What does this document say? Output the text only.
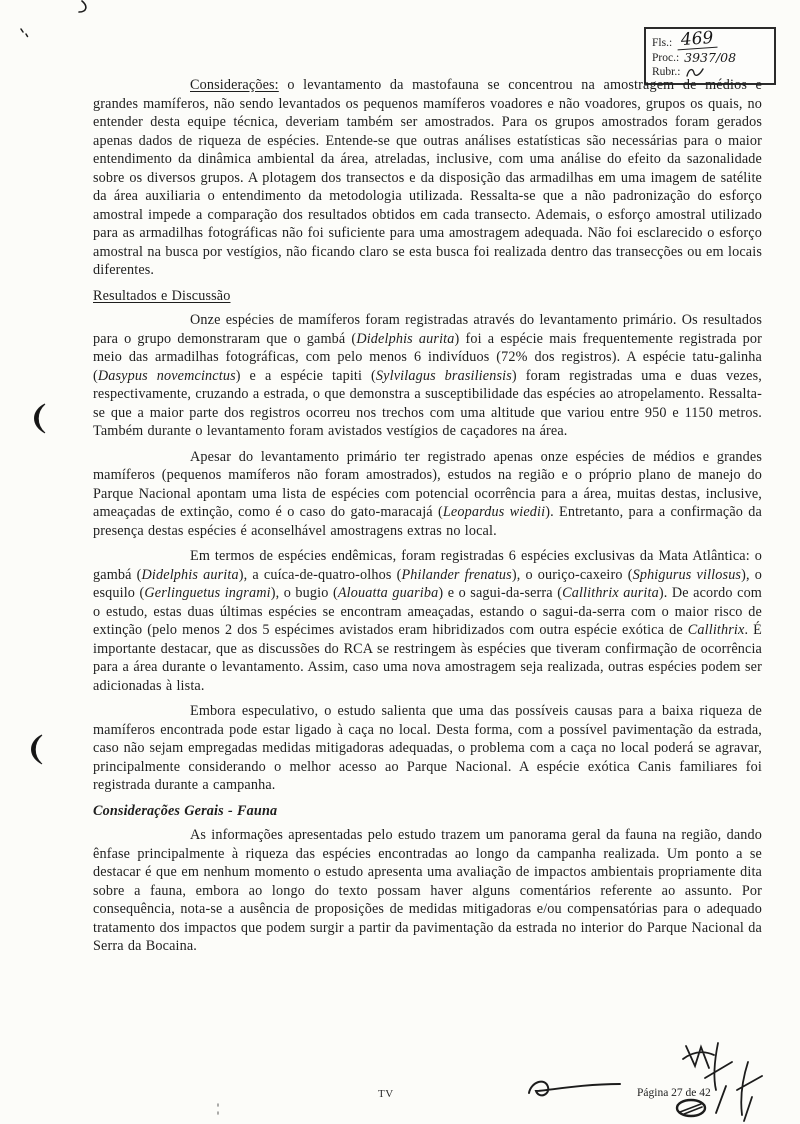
Fls.: 469
Proc.: 3937/08
Rubr.:

Considerações: o levantamento da mastofauna se concentrou na amostragem de médios e grandes mamíferos, não sendo levantados os pequenos mamíferos voadores e não voadores, grupos os quais, no entender desta equipe técnica, deveriam também ser amostrados. Para os grupos amostrados foram gerados apenas dados de riqueza de espécies. Entende-se que outras análises estatísticas são necessárias para o maior entendimento da dinâmica ambiental da área, atreladas, inclusive, com uma análise do efeito da sazonalidade sobre os diversos grupos. A plotagem dos transectos e da disposição das armadilhas em uma imagem de satélite da área auxiliaria o entendimento da metodologia utilizada. Ressalta-se que a não padronização do esforço amostral impede a comparação dos resultados obtidos em cada transecto. Ademais, o esforço amostral utilizado para as armadilhas fotográficas não foi suficiente para uma amostragem adequada. Não foi esclarecido o esforço amostral na busca por vestígios, não ficando claro se esta busca foi realizada dentro das transecções ou em locais diferentes.

Resultados e Discussão

Onze espécies de mamíferos foram registradas através do levantamento primário. Os resultados para o grupo demonstraram que o gambá (Didelphis aurita) foi a espécie mais frequentemente registrada por meio das armadilhas fotográficas, com pelo menos 6 indivíduos (72% dos registros). A espécie tatu-galinha (Dasypus novemcinctus) e a espécie tapiti (Sylvilagus brasiliensis) foram registradas uma e duas vezes, respectivamente, cruzando a estrada, o que demonstra a susceptibilidade das espécies ao atropelamento. Ressalta-se que a maior parte dos registros ocorreu nos trechos com uma altitude que variou entre 950 e 1150 metros. Também durante o levantamento foram avistados vestígios de caçadores na área.

Apesar do levantamento primário ter registrado apenas onze espécies de médios e grandes mamíferos (pequenos mamíferos não foram amostrados), estudos na região e o próprio plano de manejo do Parque Nacional apontam uma lista de espécies com potencial ocorrência para a área, muitas destas, inclusive, ameaçadas de extinção, como é o caso do gato-maracajá (Leopardus wiedii). Entretanto, para a confirmação da presença destas espécies é aconselhável amostragens extras no local.

Em termos de espécies endêmicas, foram registradas 6 espécies exclusivas da Mata Atlântica: o gambá (Didelphis aurita), a cuíca-de-quatro-olhos (Philander frenatus), o ouriço-caxeiro (Sphigurus villosus), o esquilo (Gerlinguetus ingrami), o bugio (Alouatta guariba) e o sagui-da-serra (Callithrix aurita). De acordo com o estudo, estas duas últimas espécies se encontram ameaçadas, estando o sagui-da-serra com o maior risco de extinção (pelo menos 2 dos 5 espécimes avistados eram hibridizados com outra espécie exótica de Callithrix. É importante destacar, que as discussões do RCA se restringem às espécies que tiveram confirmação de ocorrência para a área durante o levantamento. Assim, caso uma nova amostragem seja realizada, outras espécies podem ser adicionadas à lista.

Embora especulativo, o estudo salienta que uma das possíveis causas para a baixa riqueza de mamíferos encontrada pode estar ligado à caça no local. Desta forma, com a possível pavimentação da estrada, caso não sejam empregadas medidas mitigadoras adequadas, o problema com a caça no local poderá se agravar, principalmente considerando o melhor acesso ao Parque Nacional. A espécie exótica Canis familiares foi registrada durante a campanha.

Considerações Gerais - Fauna

As informações apresentadas pelo estudo trazem um panorama geral da fauna na região, dando ênfase principalmente à riqueza das espécies encontradas ao longo da campanha realizada. Um ponto a se destacar é que em nenhum momento o estudo apresenta uma avaliação de impactos ambientais propriamente dita sobre a fauna, embora ao longo do texto possam haver alguns comentários referente ao assunto. Por consequência, nota-se a ausência de proposições de medidas mitigadoras e/ou compensatórias para o adequado tratamento dos impactos que podem surgir a partir da pavimentação da estrada no interior do Parque Nacional da Serra da Bocaina.

TV	Página 27 de 42
